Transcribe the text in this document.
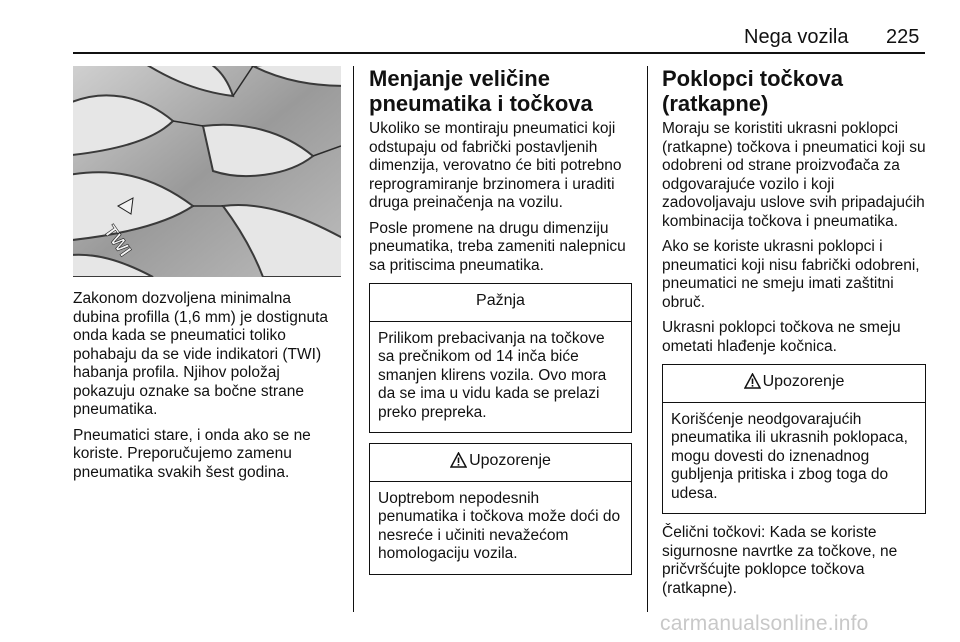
Nega vozila 225
TWI

Zakonom dozvoljena minimalna dubina profilla (1,6 mm) je dostignuta onda kada se pneumatici toliko pohabaju da se vide indikatori (TWI) habanja profila. Njihov položaj pokazuju oznake sa bočne strane pneumatika.

Pneumatici stare, i onda ako se ne koriste. Preporučujemo zamenu pneumatika svakih šest godina.

Menjanje veličine pneumatika i točkova

Ukoliko se montiraju pneumatici koji odstupaju od fabrički postavljenih dimenzija, verovatno će biti potrebno reprogramiranje brzinomera i uraditi druga preinačenja na vozilu.

Posle promene na drugu dimenziju pneumatika, treba zameniti nalepnicu sa pritiscima pneumatika.

Pažnja
Prilikom prebacivanja na točkove sa prečnikom od 14 inča biće smanjen klirens vozila. Ovo mora da se ima u vidu kada se prelazi preko prepreka.
Upozorenje
Uoptrebom nepodesnih penumatika i točkova može doći do nesreće i učiniti nevažećom homologaciju vozila.
Poklopci točkova (ratkapne)

Moraju se koristiti ukrasni poklopci (ratkapne) točkova i pneumatici koji su odobreni od strane proizvođača za odgovarajuće vozilo i koji zadovoljavaju uslove svih pripadajućih kombinacija točkova i pneumatika.

Ako se koriste ukrasni poklopci i pneumatici koji nisu fabrički odobreni, pneumatici ne smeju imati zaštitni obruč.

Ukrasni poklopci točkova ne smeju ometati hlađenje kočnica.

Upozorenje
Korišćenje neodgovarajućih pneumatika ili ukrasnih poklopaca, mogu dovesti do iznenadnog gubljenja pritiska i zbog toga do udesa.

Čelični točkovi: Kada se koriste sigurnosne navrtke za točkove, ne pričvršćujte poklopce točkova (ratkapne).

carmanualsonline.info
